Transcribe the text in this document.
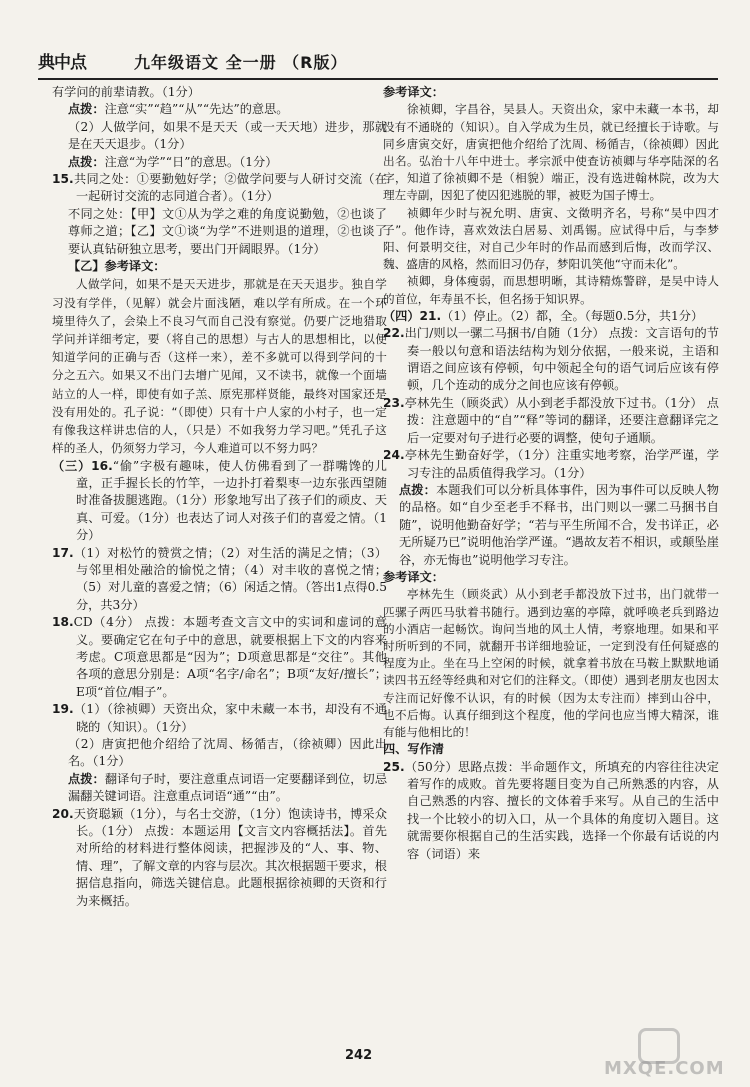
典中点	九年级语文 全一册 （R版）

有学问的前辈请教。（1分）

点拨：注意“实”“趋”“从”“先达”的意思。

（2）人做学问，如果不是天天（或一天天地）进步，那就是在天天退步。（1分）

点拨：注意“为学”“日”的意思。（1分）

15.共同之处：①要勤勉好学；②做学问要与人研讨交流（在一起研讨交流的志同道合者）。（1分）

不同之处：【甲】文①从为学之难的角度说勤勉，②也谈了尊师之道；【乙】文①谈“为学”不进则退的道理，②也谈了要认真钻研独立思考，要出门开阔眼界。（1分）

【乙】参考译文：

人做学问，如果不是天天进步，那就是在天天退步。独自学习没有学伴，（见解）就会片面浅陋，难以学有所成。在一个环境里待久了，会染上不良习气而自己没有察觉。仍要广泛地猎取学问并详细考定，要（将自己的思想）与古人的思想相比，以便知道学问的正确与否（这样一来），差不多就可以得到学问的十分之五六。如果又不出门去增广见闻，又不读书，就像一个面墙站立的人一样，即使有如子羔、原宪那样贤能，最终对国家还是没有用处的。孔子说：“（即使）只有十户人家的小村子，也一定有像我这样讲忠信的人，（只是）不如我努力学习吧。”凭孔子这样的圣人，仍须努力学习，今人难道可以不努力吗？

（三）16.“偷”字极有趣味，使人仿佛看到了一群嘴馋的儿童，正手握长长的竹竿，一边扑打着梨枣一边东张西望随时准备拔腿逃跑。（1分）形象地写出了孩子们的顽皮、天真、可爱。（1分）也表达了词人对孩子们的喜爱之情。（1分）

17.（1）对松竹的赞赏之情；（2）对生活的满足之情；（3）与邻里相处融洽的愉悦之情；（4）对丰收的喜悦之情；（5）对儿童的喜爱之情；（6）闲适之情。（答出1点得0.5分，共3分）

18.CD（4分） 点拨：本题考查文言文中的实词和虚词的意义。要确定它在句子中的意思，就要根据上下文的内容来考虑。C项意思都是“因为”；D项意思都是“交往”。其他各项的意思分别是：A项“名字/命名”；B项“友好/擅长”；E项“首位/帽子”。

19.（1）（徐祯卿）天资出众，家中未藏一本书，却没有不通晓的（知识）。（1分）

（2）唐寅把他介绍给了沈周、杨循吉，（徐祯卿）因此出名。（1分）

点拨：翻译句子时，要注意重点词语一定要翻译到位，切忌漏翻关键词语。注意重点词语“通”“由”。

20.天资聪颖（1分），与名士交游，（1分）饱读诗书，博采众长。（1分） 点拨：本题运用【文言文内容概括法】。首先对所给的材料进行整体阅读，把握涉及的“人、事、物、情、理”，了解文章的内容与层次。其次根据题干要求，根据信息指向，筛选关键信息。此题根据徐祯卿的天资和行为来概括。

参考译文：

徐祯卿，字昌谷，吴县人。天资出众，家中未藏一本书，却没有不通晓的（知识）。自入学成为生员，就已经擅长于诗歌。与同乡唐寅交好，唐寅把他介绍给了沈周、杨循吉，（徐祯卿）因此出名。弘治十八年中进士。孝宗派中使查访祯卿与华亭陆深的名字，知道了徐祯卿不是（相貌）端正，没有选进翰林院，改为大理左寺副，因犯了使囚犯逃脱的罪，被贬为国子博士。

祯卿年少时与祝允明、唐寅、文徵明齐名，号称“吴中四才子”。他作诗，喜欢效法白居易、刘禹锡。应试得中后，与李梦阳、何景明交往，对自己少年时的作品而感到后悔，改而学汉、魏、盛唐的风格，然而旧习仍存，梦阳讥笑他“守而未化”。

祯卿，身体瘦弱，而思想明晰，其诗精炼警辟，是吴中诗人的首位，年寿虽不长，但名扬于知识界。

（四）21.（1）停止。（2）都，全。（每题0.5分，共1分）

22.出门/则以一骡二马捆书/自随（1分） 点拨：文言语句的节奏一般以句意和语法结构为划分依据，一般来说，主语和谓语之间应该有停顿，句中领起全句的语气词后应该有停顿，几个连动的成分之间也应该有停顿。

23.亭林先生（顾炎武）从小到老手都没放下过书。（1分） 点拨：注意题中的“自”“释”等词的翻译，还要注意翻译完之后一定要对句子进行必要的调整，使句子通顺。

24.亭林先生勤奋好学，（1分）注重实地考察，治学严谨，学习专注的品质值得我学习。（1分）

点拨：本题我们可以分析具体事件，因为事件可以反映人物的品格。如“自少至老手不释书，出门则以一骡二马捆书自随”，说明他勤奋好学；“若与平生所闻不合，发书详正，必无所疑乃已”说明他治学严谨。“遇故友若不相识，或颠坠崖谷，亦无悔也”说明他学习专注。

参考译文：

亭林先生（顾炎武）从小到老手都没放下过书，出门就带一匹骡子两匹马驮着书随行。遇到边塞的亭障，就呼唤老兵到路边的小酒店一起畅饮。询问当地的风土人情，考察地理。如果和平时所听到的不同，就翻开书详细地验证，一定到没有任何疑惑的程度为止。坐在马上空闲的时候，就拿着书放在马鞍上默默地诵读四书五经等经典和对它们的注释文。（即使）遇到老朋友也因太专注而记好像不认识，有的时候（因为太专注而）摔到山谷中，也不后悔。认真仔细到这个程度，他的学问也应当博大精深，谁有能与他相比的！

四、写作清

25.（50分）思路点拨：半命题作文，所填充的内容往往决定着写作的成败。首先要将题目变为自己所熟悉的内容，从自己熟悉的内容、擅长的文体着手来写。从自己的生活中找一个比较小的切入口，从一个具体的角度切入题目。这就需要你根据自己的生活实践，选择一个你最有话说的内容（词语）来

242
MXQE.COM
